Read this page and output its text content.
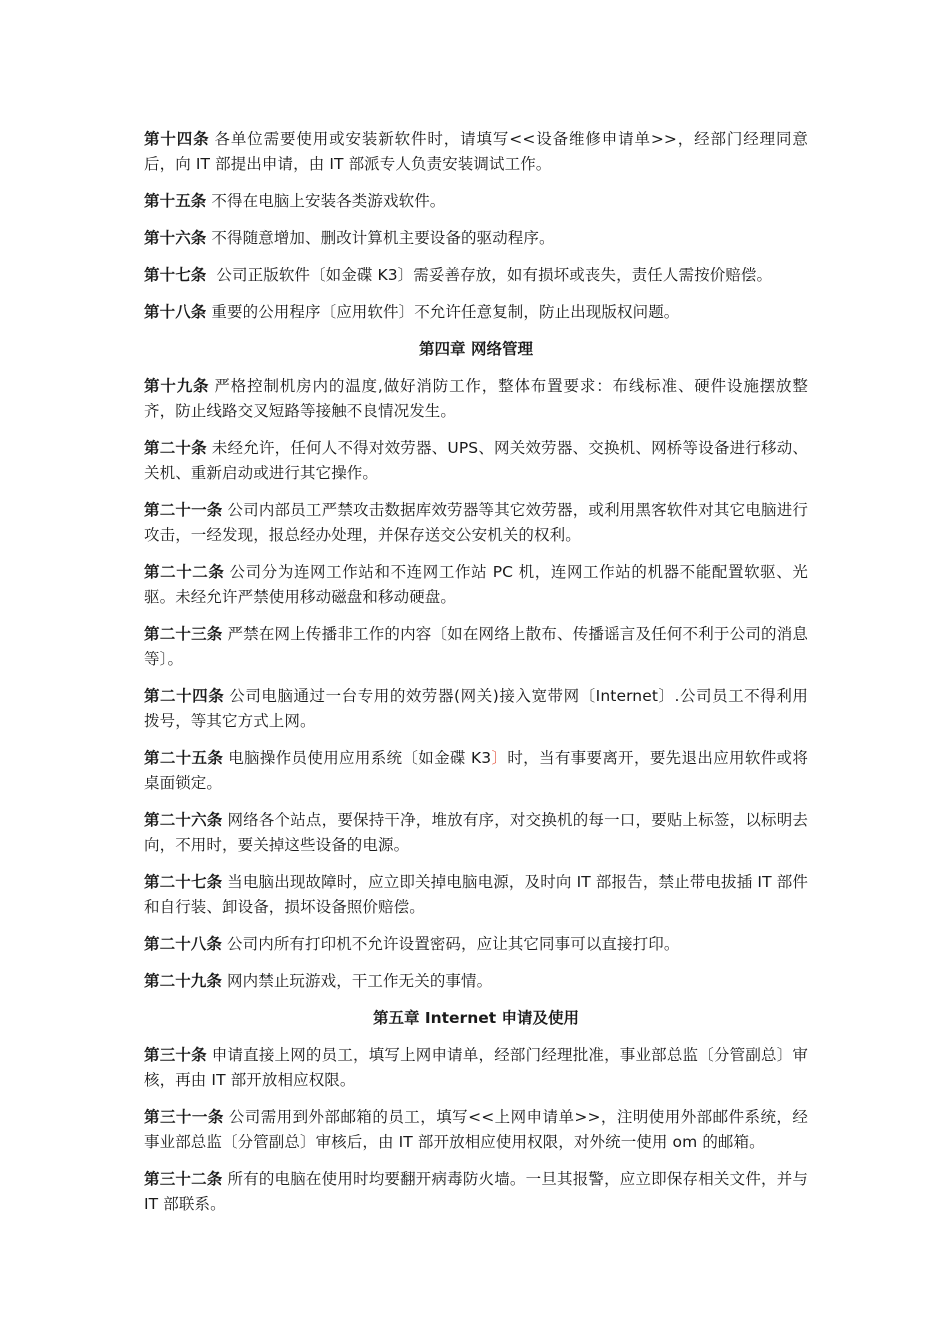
第十四条 各单位需要使用或安装新软件时，请填写<<设备维修申请单>>，经部门经理同意后，向 IT 部提出申请，由 IT 部派专人负责安装调试工作。

第十五条 不得在电脑上安装各类游戏软件。

第十六条 不得随意增加、删改计算机主要设备的驱动程序。

第十七条 公司正版软件〔如金碟 K3〕需妥善存放，如有损坏或丧失，责任人需按价赔偿。

第十八条 重要的公用程序〔应用软件〕不允许任意复制，防止出现版权问题。

第四章 网络管理

第十九条 严格控制机房内的温度,做好消防工作，整体布置要求：布线标准、硬件设施摆放整齐，防止线路交叉短路等接触不良情况发生。

第二十条 未经允许，任何人不得对效劳器、UPS、网关效劳器、交换机、网桥等设备进行移动、关机、重新启动或进行其它操作。

第二十一条 公司内部员工严禁攻击数据库效劳器等其它效劳器，或利用黑客软件对其它电脑进行攻击，一经发现，报总经办处理，并保存送交公安机关的权利。

第二十二条 公司分为连网工作站和不连网工作站 PC 机，连网工作站的机器不能配置软驱、光驱。未经允许严禁使用移动磁盘和移动硬盘。

第二十三条 严禁在网上传播非工作的内容〔如在网络上散布、传播谣言及任何不利于公司的消息等〕。

第二十四条 公司电脑通过一台专用的效劳器(网关)接入宽带网〔Internet〕.公司员工不得利用　拨号，等其它方式上网。

第二十五条 电脑操作员使用应用系统〔如金碟 K3〕时，当有事要离开，要先退出应用软件或将桌面锁定。

第二十六条 网络各个站点，要保持干净，堆放有序，对交换机的每一口，要贴上标签，以标明去向，不用时，要关掉这些设备的电源。

第二十七条 当电脑出现故障时，应立即关掉电脑电源，及时向 IT 部报告，禁止带电拔插 IT 部件和自行装、卸设备，损坏设备照价赔偿。

第二十八条 公司内所有打印机不允许设置密码，应让其它同事可以直接打印。

第二十九条 网内禁止玩游戏，干工作无关的事情。

第五章 Internet 申请及使用

第三十条 申请直接上网的员工，填写上网申请单，经部门经理批准，事业部总监〔分管副总〕审核，再由 IT 部开放相应权限。

第三十一条 公司需用到外部邮箱的员工，填写<<上网申请单>>，注明使用外部邮件系统，经事业部总监〔分管副总〕审核后，由 IT 部开放相应使用权限，对外统一使用 om 的邮箱。

第三十二条 所有的电脑在使用时均要翻开病毒防火墙。一旦其报警，应立即保存相关文件，并与 IT 部联系。
